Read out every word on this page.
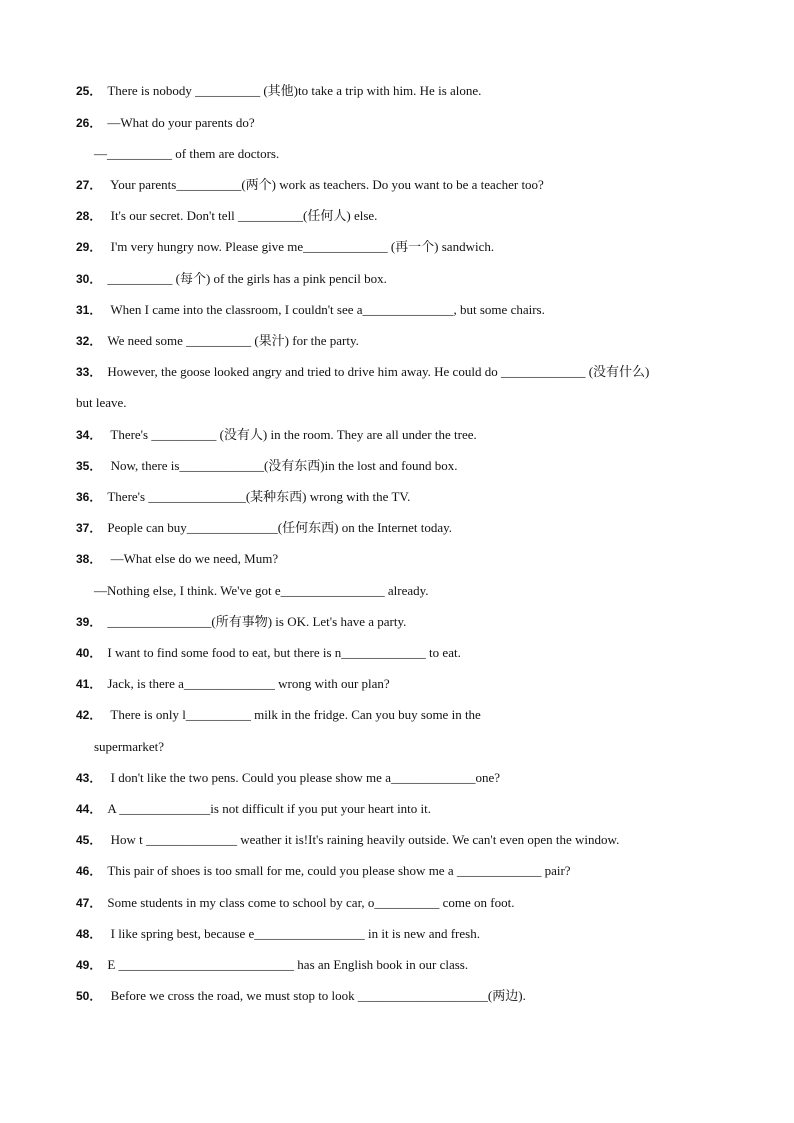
25． There is nobody __________ (其他)to take a trip with him. He is alone.
26． —What do your parents do?
—__________ of them are doctors.
27． Your parents__________(两个) work as teachers. Do you want to be a teacher too?
28． It's our secret. Don't tell __________(任何人) else.
29． I'm very hungry now. Please give me_____________ (再一个) sandwich.
30． __________ (每个) of the girls has a pink pencil box.
31． When I came into the classroom, I couldn't see a______________, but some chairs.
32． We need some __________ (果汁) for the party.
33． However, the goose looked angry and tried to drive him away. He could do _____________ (没有什么)
but leave.
34． There's __________ (没有人) in the room. They are all under the tree.
35． Now, there is_____________(没有东西)in the lost and found box.
36． There's _______________(某种东西) wrong with the TV.
37． People can buy______________(任何东西) on the Internet today.
38． —What else do we need, Mum?
—Nothing else, I think. We've got e________________ already.
39． ________________(所有事物) is OK. Let's have a party.
40． I want to find some food to eat, but there is n_____________ to eat.
41． Jack, is there a______________ wrong with our plan?
42． There is only l__________ milk in the fridge. Can you buy some in the
supermarket?
43． I don't like the two pens. Could you please show me a_____________one?
44． A ______________is not difficult if you put your heart into it.
45． How t ______________ weather it is!It's raining heavily outside. We can't even open the window.
46． This pair of shoes is too small for me, could you please show me a _____________ pair?
47． Some students in my class come to school by car, o__________ come on foot.
48． I like spring best, because e_________________ in it is new and fresh.
49． E ___________________________ has an English book in our class.
50． Before we cross the road, we must stop to look ____________________(两边).
